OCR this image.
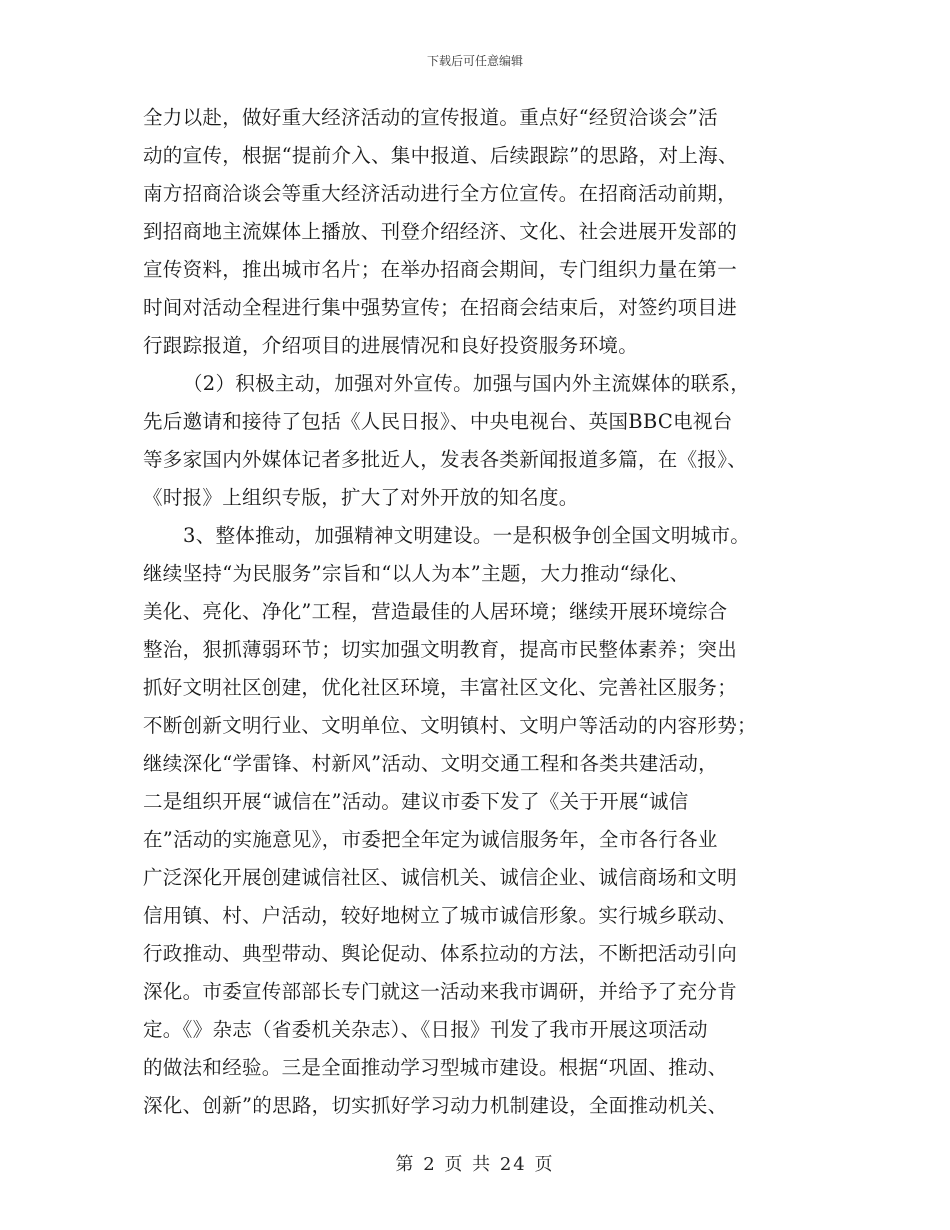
下载后可任意编辑
全力以赴，做好重大经济活动的宣传报道。重点好“经贸洽谈会”活
动的宣传，根据“提前介入、集中报道、后续跟踪”的思路，对上海、
南方招商洽谈会等重大经济活动进行全方位宣传。在招商活动前期，
到招商地主流媒体上播放、刊登介绍经济、文化、社会进展开发部的
宣传资料，推出城市名片；在举办招商会期间，专门组织力量在第一
时间对活动全程进行集中强势宣传；在招商会结束后，对签约项目进
行跟踪报道，介绍项目的进展情况和良好投资服务环境。
（2）积极主动，加强对外宣传。加强与国内外主流媒体的联系，
先后邀请和接待了包括《人民日报》、中央电视台、英国BBC电视台
等多家国内外媒体记者多批近人，发表各类新闻报道多篇，在《报》、
《时报》上组织专版，扩大了对外开放的知名度。
3、整体推动，加强精神文明建设。一是积极争创全国文明城市。
继续坚持“为民服务”宗旨和“以人为本”主题，大力推动“绿化、
美化、亮化、净化”工程，营造最佳的人居环境；继续开展环境综合
整治，狠抓薄弱环节；切实加强文明教育，提高市民整体素养；突出
抓好文明社区创建，优化社区环境，丰富社区文化、完善社区服务；
不断创新文明行业、文明单位、文明镇村、文明户等活动的内容形势；
继续深化“学雷锋、村新风”活动、文明交通工程和各类共建活动，
二是组织开展“诚信在”活动。建议市委下发了《关于开展“诚信
在”活动的实施意见》，市委把全年定为诚信服务年，全市各行各业
广泛深化开展创建诚信社区、诚信机关、诚信企业、诚信商场和文明
信用镇、村、户活动，较好地树立了城市诚信形象。实行城乡联动、
行政推动、典型带动、舆论促动、体系拉动的方法，不断把活动引向
深化。市委宣传部部长专门就这一活动来我市调研，并给予了充分肯
定。《》杂志（省委机关杂志）、《日报》刊发了我市开展这项活动
的做法和经验。三是全面推动学习型城市建设。根据“巩固、推动、
深化、创新”的思路，切实抓好学习动力机制建设，全面推动机关、
第 2 页 共 24 页
